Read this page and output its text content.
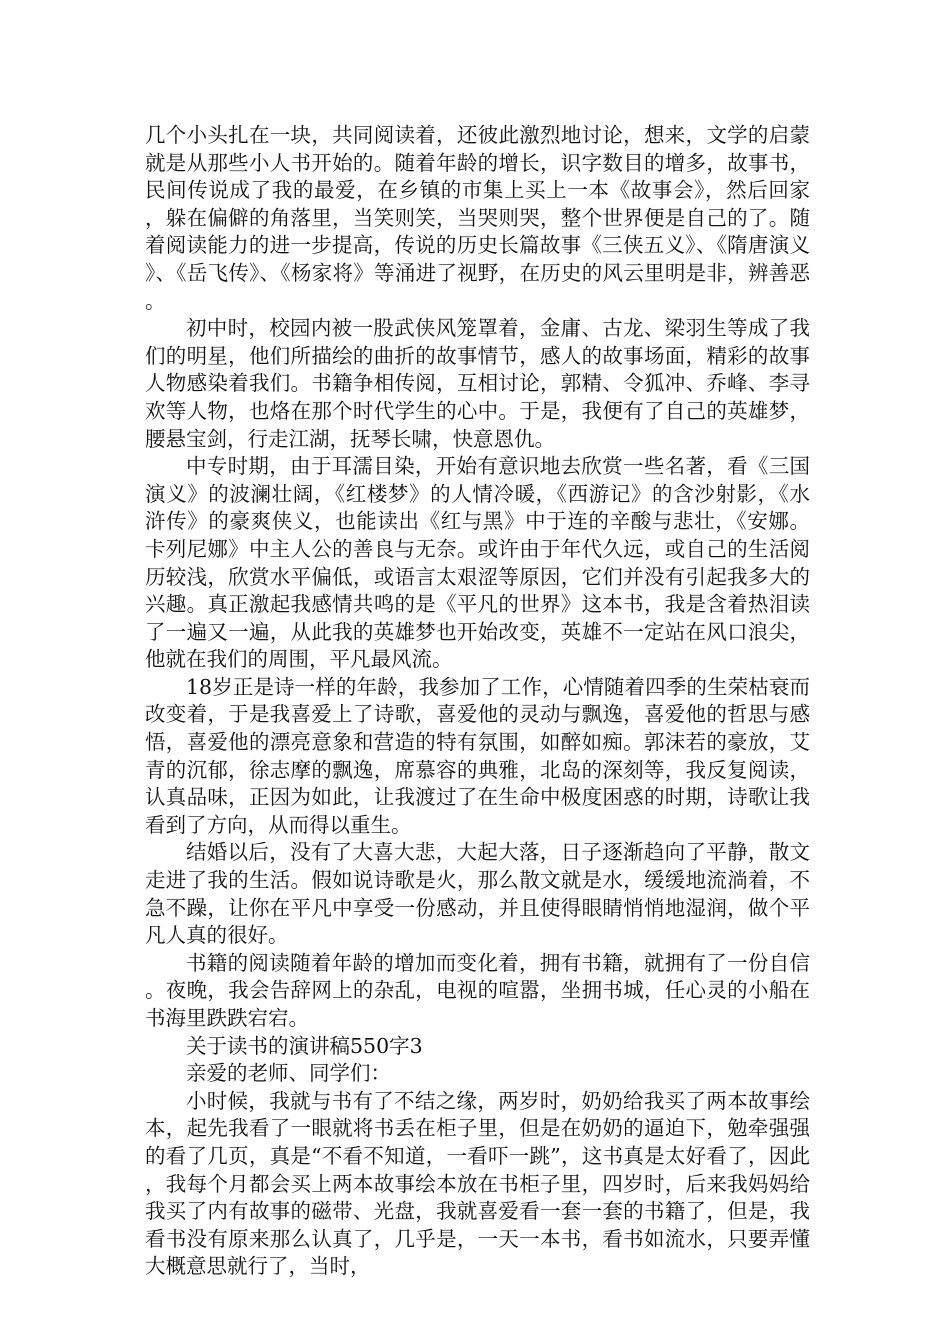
几个小头扎在一块，共同阅读着，还彼此激烈地讨论，想来，文学的启蒙就是从那些小人书开始的。随着年龄的增长，识字数目的增多，故事书，民间传说成了我的最爱，在乡镇的市集上买上一本《故事会》，然后回家，躲在偏僻的角落里，当笑则笑，当哭则哭，整个世界便是自己的了。随着阅读能力的进一步提高，传说的历史长篇故事《三侠五义》、《隋唐演义》、《岳飞传》、《杨家将》等涌进了视野，在历史的风云里明是非，辨善恶。

初中时，校园内被一股武侠风笼罩着，金庸、古龙、梁羽生等成了我们的明星，他们所描绘的曲折的故事情节，感人的故事场面，精彩的故事人物感染着我们。书籍争相传阅，互相讨论，郭精、令狐冲、乔峰、李寻欢等人物，也烙在那个时代学生的心中。于是，我便有了自己的英雄梦，腰悬宝剑，行走江湖，抚琴长啸，快意恩仇。

中专时期，由于耳濡目染，开始有意识地去欣赏一些名著，看《三国演义》的波澜壮阔，《红楼梦》的人情冷暖，《西游记》的含沙射影，《水浒传》的豪爽侠义，也能读出《红与黑》中于连的辛酸与悲壮，《安娜。卡列尼娜》中主人公的善良与无奈。或许由于年代久远，或自己的生活阅历较浅，欣赏水平偏低，或语言太艰涩等原因，它们并没有引起我多大的兴趣。真正激起我感情共鸣的是《平凡的世界》这本书，我是含着热泪读了一遍又一遍，从此我的英雄梦也开始改变，英雄不一定站在风口浪尖，他就在我们的周围，平凡最风流。

18岁正是诗一样的年龄，我参加了工作，心情随着四季的生荣枯衰而改变着，于是我喜爱上了诗歌，喜爱他的灵动与飘逸，喜爱他的哲思与感悟，喜爱他的漂亮意象和营造的特有氛围，如醉如痴。郭沫若的豪放，艾青的沉郁，徐志摩的飘逸，席慕容的典雅，北岛的深刻等，我反复阅读，认真品味，正因为如此，让我渡过了在生命中极度困惑的时期，诗歌让我看到了方向，从而得以重生。

结婚以后，没有了大喜大悲，大起大落，日子逐渐趋向了平静，散文走进了我的生活。假如说诗歌是火，那么散文就是水，缓缓地流淌着，不急不躁，让你在平凡中享受一份感动，并且使得眼睛悄悄地湿润，做个平凡人真的很好。

书籍的阅读随着年龄的增加而变化着，拥有书籍，就拥有了一份自信。夜晚，我会告辞网上的杂乱，电视的喧嚣，坐拥书城，任心灵的小船在书海里跌跌宕宕。

关于读书的演讲稿550字3

亲爱的老师、同学们：

小时候，我就与书有了不结之缘，两岁时，奶奶给我买了两本故事绘本，起先我看了一眼就将书丢在柜子里，但是在奶奶的逼迫下，勉牵强强的看了几页，真是“不看不知道，一看吓一跳”，这书真是太好看了，因此，我每个月都会买上两本故事绘本放在书柜子里，四岁时，后来我妈妈给我买了内有故事的磁带、光盘，我就喜爱看一套一套的书籍了，但是，我看书没有原来那么认真了，几乎是，一天一本书，看书如流水，只要弄懂大概意思就行了，当时，
